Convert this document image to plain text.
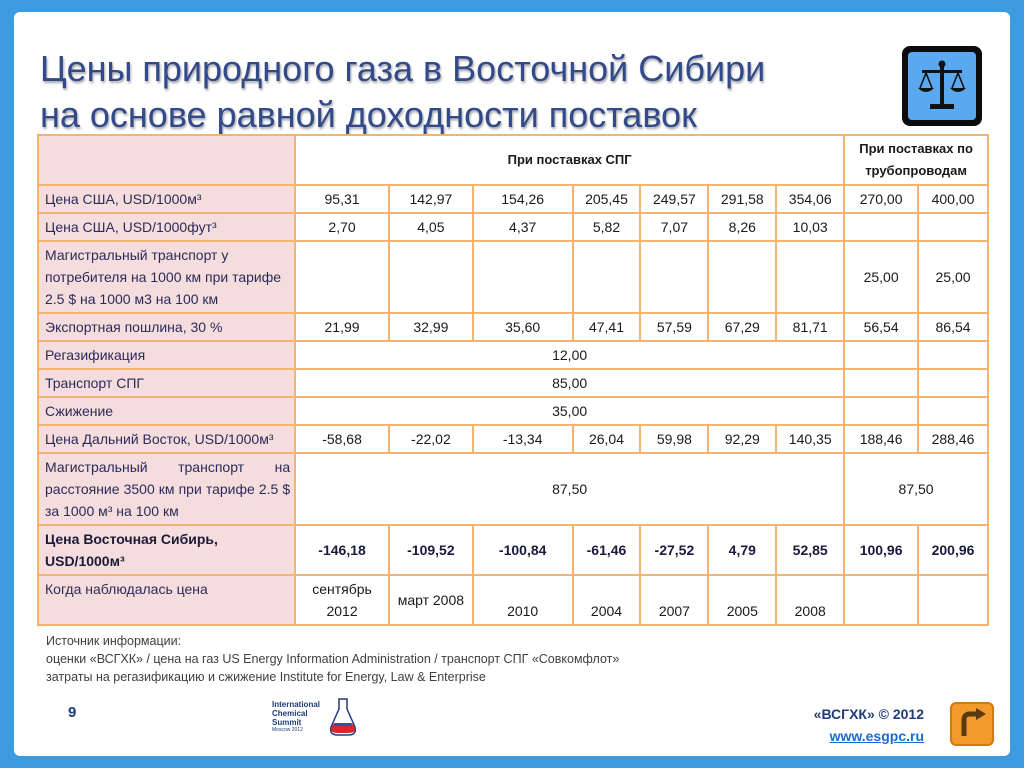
Цены природного газа в Восточной Сибири
на основе равной доходности поставок
	При поставках СПГ							При поставках по трубопроводам	
Цена США, USD/1000м³	95,31	142,97	154,26	205,45	249,57	291,58	354,06	270,00	400,00
Цена США, USD/1000фут³	2,70	4,05	4,37	5,82	7,07	8,26	10,03		
Магистральный транспорт у потребителя на 1000 км при тарифе 2.5 $ на 1000 м3 на 100 км								25,00	25,00
Экспортная пошлина, 30 %	21,99	32,99	35,60	47,41	57,59	67,29	81,71	56,54	86,54
Регазификация	12,00								
Транспорт СПГ	85,00								
Сжижение	35,00								
Цена Дальний Восток, USD/1000м³	-58,68	-22,02	-13,34	26,04	59,98	92,29	140,35	188,46	288,46
Магистральный транспорт на расстояние 3500 км при тарифе 2.5 $ за 1000 м³ на 100 км	87,50							87,50	
Цена Восточная Сибирь, USD/1000м³	-146,18	-109,52	-100,84	-61,46	-27,52	4,79	52,85	100,96	200,96
Когда наблюдалась цена	сентябрь 2012	март 2008	2010	2004	2007	2005	2008		
Источник информации:
оценки «ВСГХК» / цена на газ US Energy Information Administration / транспорт СПГ «Совкомфлот»
затраты на регазификацию и сжижение Institute for Energy, Law & Enterprise
9	International
Chemical
Summit
Moscow 2012
«ВСГХК» © 2012
www.esgpc.ru
